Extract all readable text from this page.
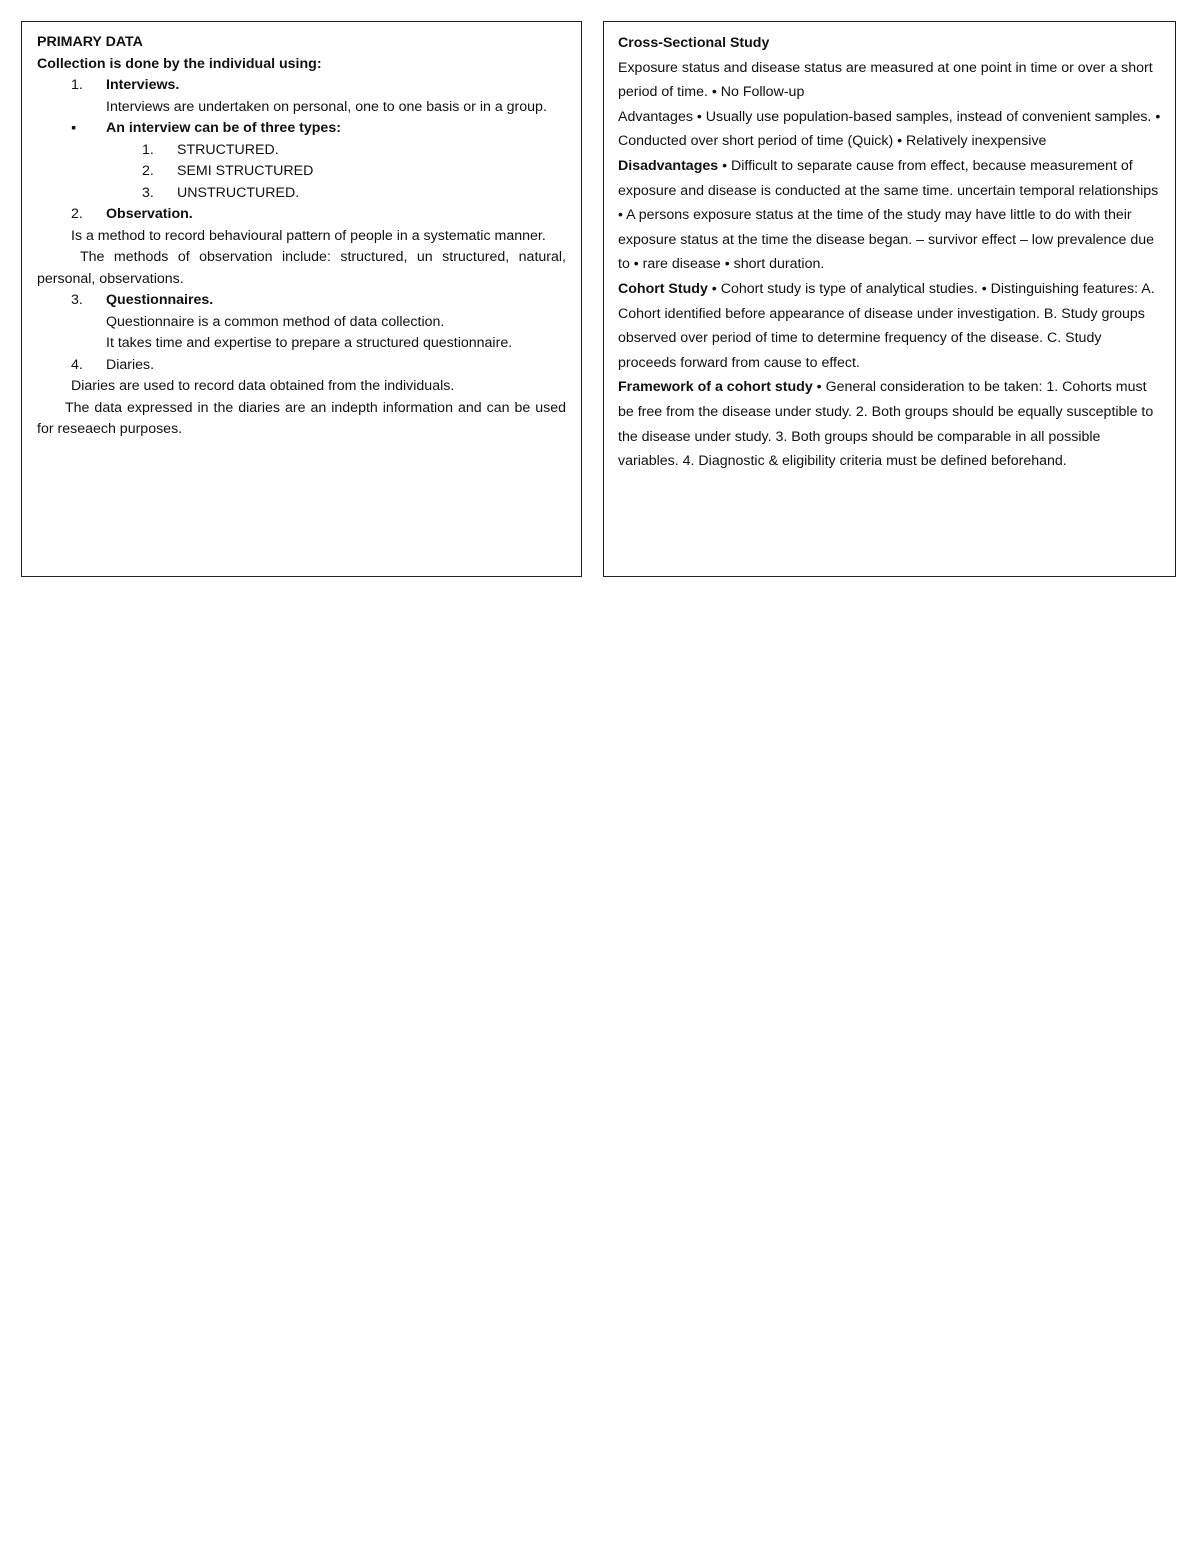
PRIMARY DATA

Collection is done by the individual using:

1.	Interviews.

Interviews are undertaken on personal, one to one basis or in a group.

▪	An interview can be of three types:
1.	STRUCTURED.
2.	SEMI STRUCTURED
3.	UNSTRUCTURED.
2.	Observation.

Is a method to record behavioural pattern of people in a systematic manner.

The methods of observation include: structured, un structured, natural, personal, observations.

3.	Questionnaires.

Questionnaire is a common method of data collection.

It takes time and expertise to prepare a structured questionnaire.

4.	Diaries.

Diaries are used to record data obtained from the individuals.

The data expressed in the diaries are an indepth information and can be used for reseaech purposes.

Cross-Sectional Study

Exposure status and disease status are measured at one point in time or over a short period of time. • No Follow-up

Advantages • Usually use population-based samples, instead of convenient samples. • Conducted over short period of time (Quick) • Relatively inexpensive

Disadvantages • Difficult to separate cause from effect, because measurement of exposure and disease is conducted at the same time. uncertain temporal relationships • A persons exposure status at the time of the study may have little to do with their exposure status at the time the disease began. – survivor effect – low prevalence due to • rare disease • short duration.

Cohort Study • Cohort study is type of analytical studies. • Distinguishing features: A. Cohort identified before appearance of disease under investigation. B. Study groups observed over period of time to determine frequency of the disease. C. Study proceeds forward from cause to effect.

Framework of a cohort study • General consideration to be taken: 1. Cohorts must be free from the disease under study. 2. Both groups should be equally susceptible to the disease under study. 3. Both groups should be comparable in all possible variables. 4. Diagnostic & eligibility criteria must be defined beforehand.
